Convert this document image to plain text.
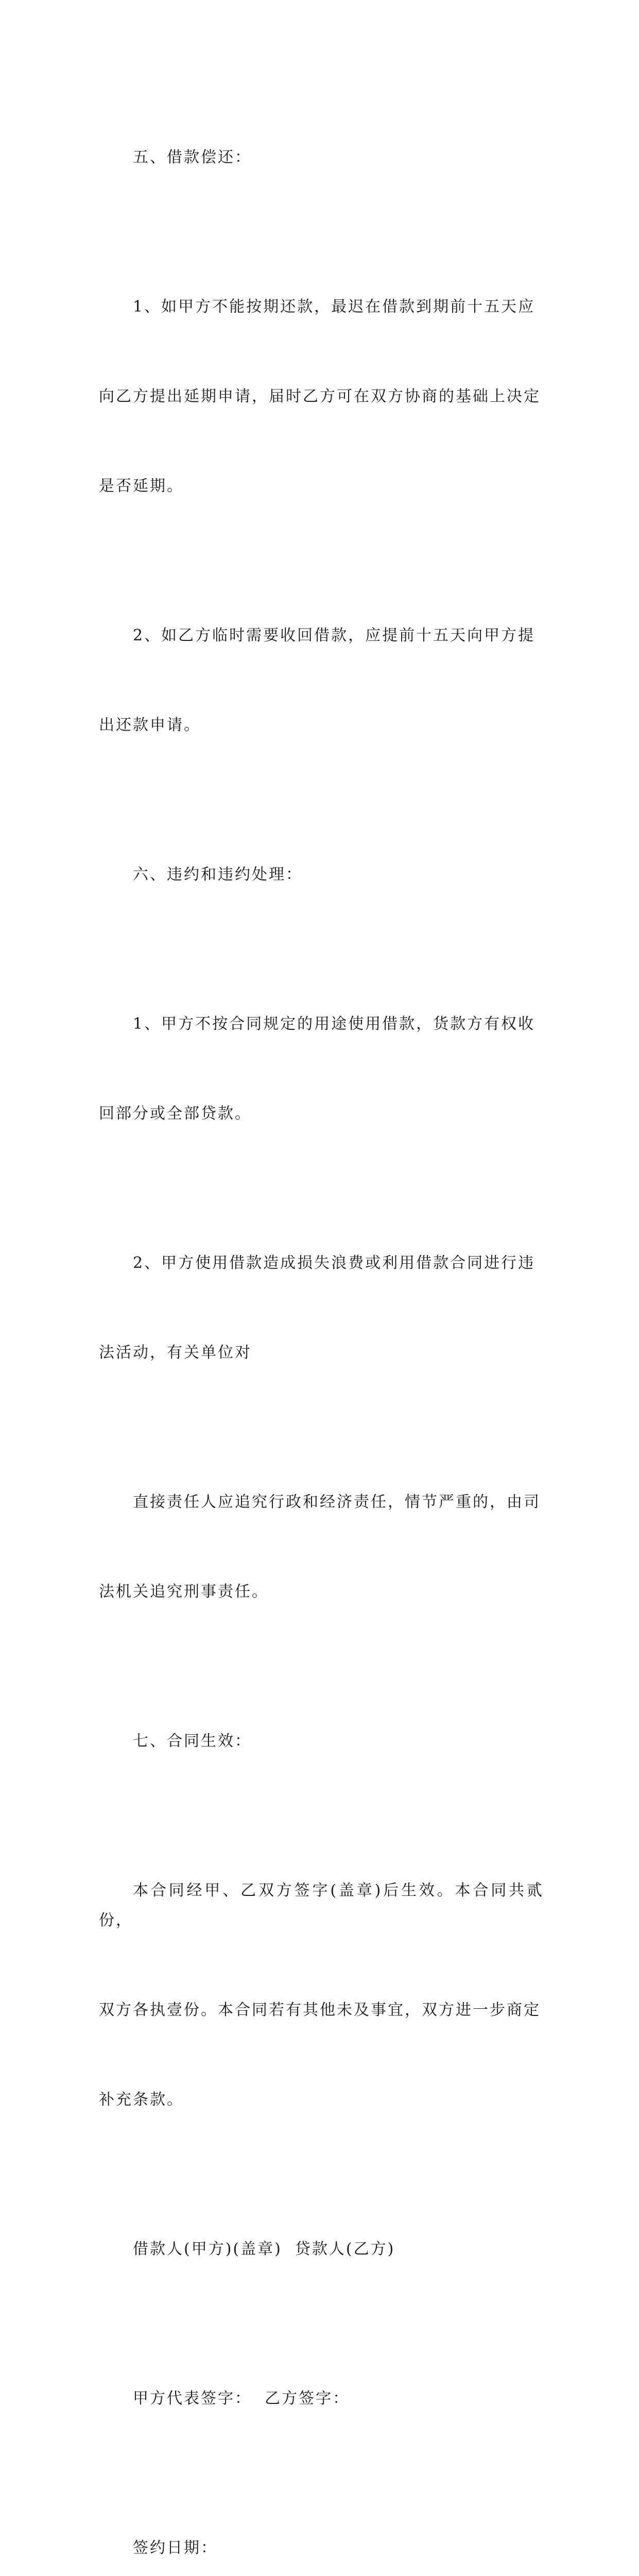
五、借款偿还：

1、如甲方不能按期还款，最迟在借款到期前十五天应

向乙方提出延期申请，届时乙方可在双方协商的基础上决定

是否延期。

2、如乙方临时需要收回借款，应提前十五天向甲方提

出还款申请。

六、违约和违约处理：

1、甲方不按合同规定的用途使用借款，货款方有权收

回部分或全部贷款。

2、甲方使用借款造成损失浪费或利用借款合同进行违

法活动，有关单位对

直接责任人应追究行政和经济责任，情节严重的，由司

法机关追究刑事责任。

七、合同生效：

本合同经甲、乙双方签字(盖章)后生效。本合同共贰份，

双方各执壹份。本合同若有其他未及事宜，双方进一步商定

补充条款。

借款人(甲方)(盖章)  贷款人(乙方)

甲方代表签字：  乙方签字：

签约日期：
